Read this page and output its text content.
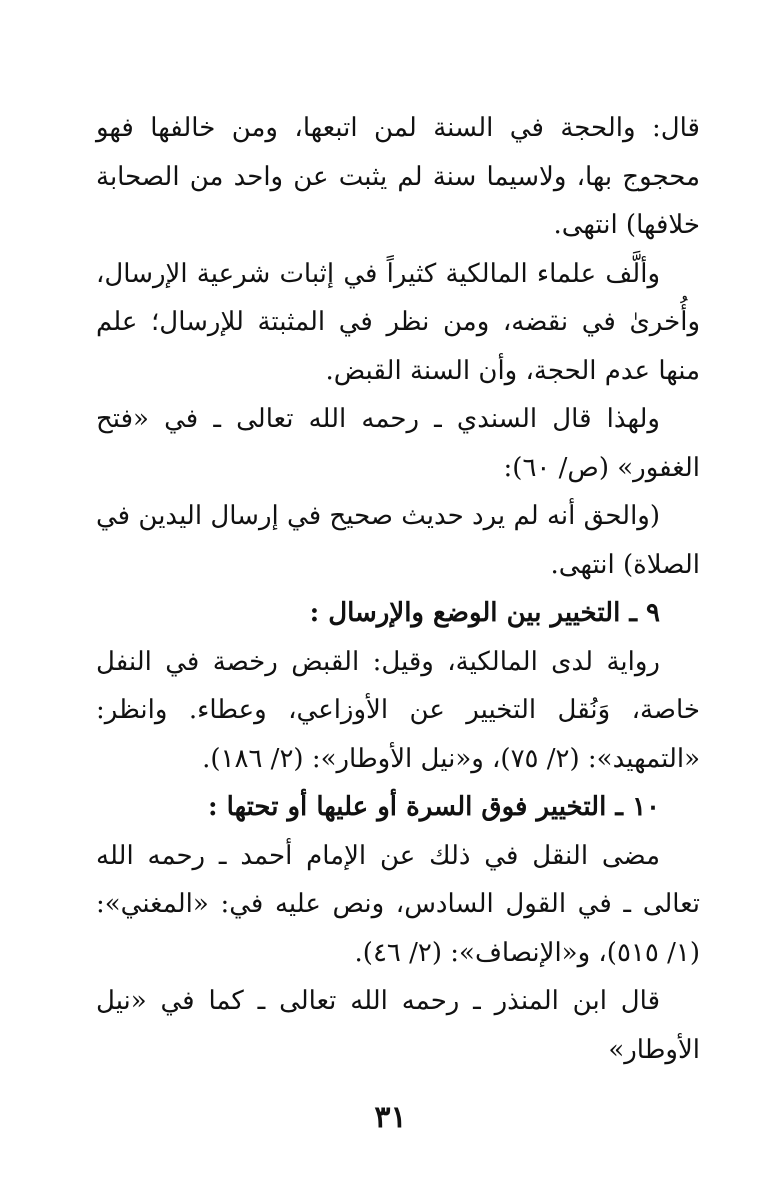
قال: والحجة في السنة لمن اتبعها، ومن خالفها فهو محجوج بها، ولاسيما سنة لم يثبت عن واحد من الصحابة خلافها) انتهى.

وألَّف علماء المالكية كثيراً في إثبات شرعية الإرسال، وأُخرىٰ في نقضه، ومن نظر في المثبتة للإرسال؛ علم منها عدم الحجة، وأن السنة القبض.

ولهذا قال السندي ـ رحمه الله تعالى ـ في «فتح الغفور» (ص/ ٦٠):

(والحق أنه لم يرد حديث صحيح في إرسال اليدين في الصلاة) انتهى.

٩ ـ التخيير بين الوضع والإرسال :

رواية لدى المالكية، وقيل: القبض رخصة في النفل خاصة، وَنُقل التخيير عن الأوزاعي، وعطاء. وانظر: «التمهيد»: (٢/ ٧٥)، و«نيل الأوطار»: (٢/ ١٨٦).

١٠ ـ التخيير فوق السرة أو عليها أو تحتها :

مضى النقل في ذلك عن الإمام أحمد ـ رحمه الله تعالى ـ في القول السادس، ونص عليه في: «المغني»: (١/ ٥١٥)، و«الإنصاف»: (٢/ ٤٦).

قال ابن المنذر ـ رحمه الله تعالى ـ كما في «نيل الأوطار»

٣١
